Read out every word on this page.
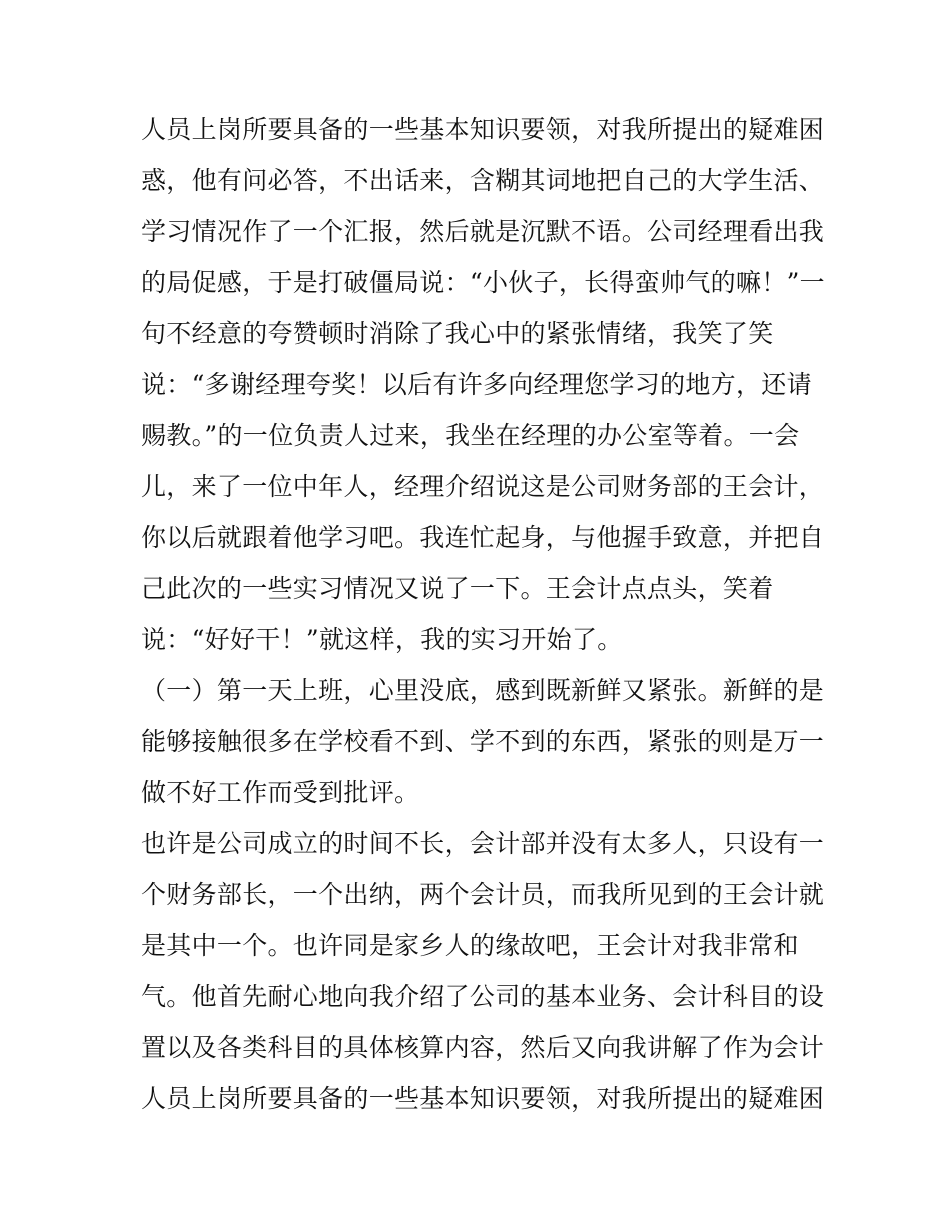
人员上岗所要具备的一些基本知识要领，对我所提出的疑难困
惑，他有问必答，不出话来，含糊其词地把自己的大学生活、
学习情况作了一个汇报，然后就是沉默不语。公司经理看出我
的局促感，于是打破僵局说：“小伙子，长得蛮帅气的嘛！”一
句不经意的夸赞顿时消除了我心中的紧张情绪，我笑了笑
说：“多谢经理夸奖！以后有许多向经理您学习的地方，还请
赐教。”的一位负责人过来，我坐在经理的办公室等着。一会
儿，来了一位中年人，经理介绍说这是公司财务部的王会计，
你以后就跟着他学习吧。我连忙起身，与他握手致意，并把自
己此次的一些实习情况又说了一下。王会计点点头，笑着
说：“好好干！”就这样，我的实习开始了。
（一）第一天上班，心里没底，感到既新鲜又紧张。新鲜的是
能够接触很多在学校看不到、学不到的东西，紧张的则是万一
做不好工作而受到批评。
也许是公司成立的时间不长，会计部并没有太多人，只设有一
个财务部长，一个出纳，两个会计员，而我所见到的王会计就
是其中一个。也许同是家乡人的缘故吧，王会计对我非常和
气。他首先耐心地向我介绍了公司的基本业务、会计科目的设
置以及各类科目的具体核算内容，然后又向我讲解了作为会计
人员上岗所要具备的一些基本知识要领，对我所提出的疑难困
